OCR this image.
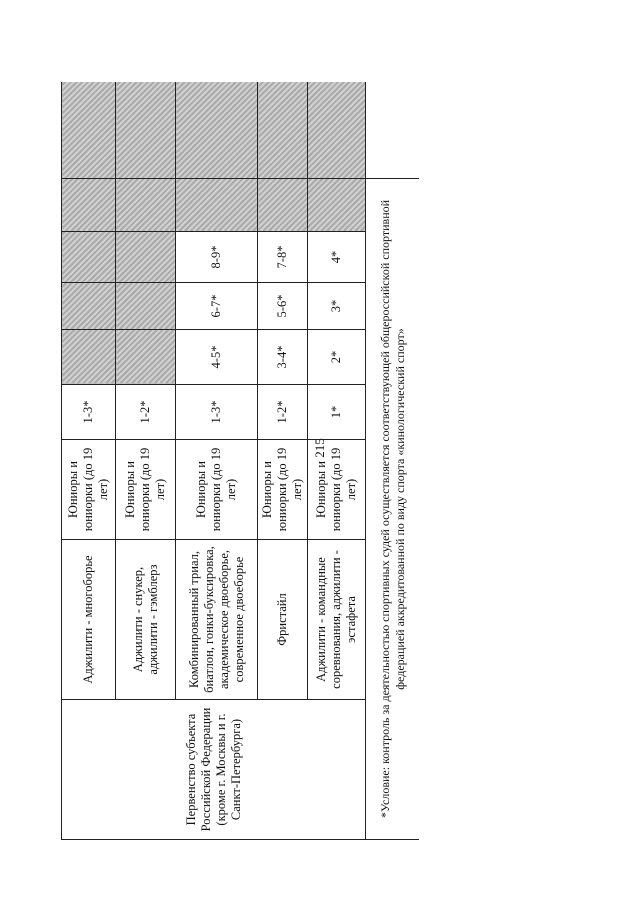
215
Первенство субъекта Российской Федерации (кроме г. Москвы и г. Санкт-Петербурга)	Аджилити - многоборье	Юниоры и юниорки (до 19 лет)	1-3*					
	Аджилити - снукер, аджилити - гэмблерз	Юниоры и юниорки (до 19 лет)	1-2*					
	Комбинированный триал, биатлон, гонки-буксировка, академическое двоеборье, современное двоеборье	Юниоры и юниорки (до 19 лет)	1-3*	4-5*	6-7*	8-9*		
	Фристайл	Юниоры и юниорки (до 19 лет)	1-2*	3-4*	5-6*	7-8*		
	Аджилити - командные соревнования, аджилити - эстафета	Юниоры и юниорки (до 19 лет)	1*	2*	3*	4*		
*Условие: контроль за деятельностью спортивных судей осуществляется соответствующей общероссийской спортивной федерацией аккредитованной по виду спорта «кинологический спорт»								
